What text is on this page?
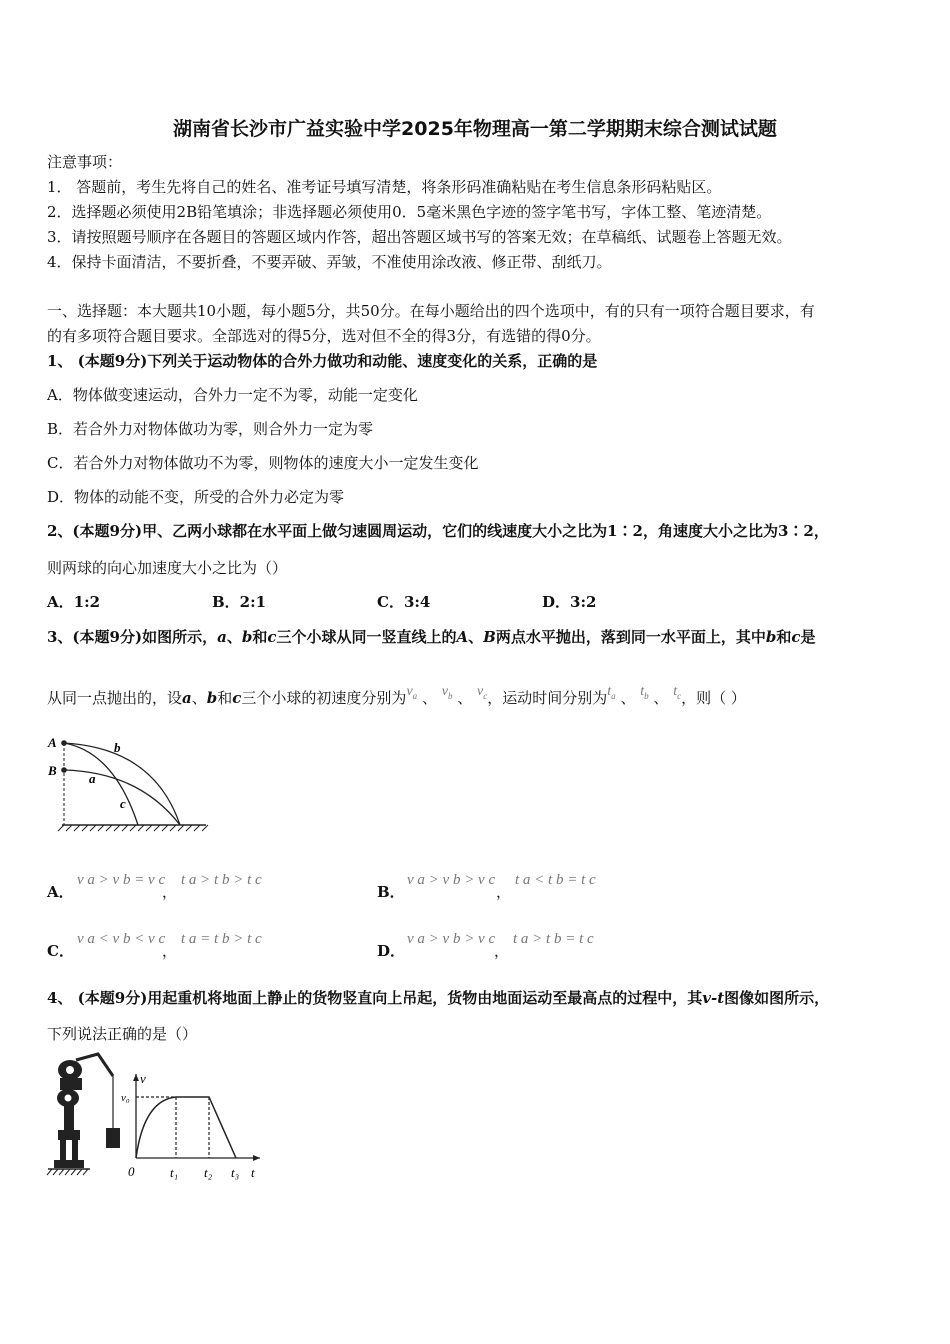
湖南省长沙市广益实验中学2025年物理高一第二学期期末综合测试试题
注意事项：
1． 答题前，考生先将自己的姓名、准考证号填写清楚，将条形码准确粘贴在考生信息条形码粘贴区。
2．选择题必须使用2B铅笔填涂；非选择题必须使用0．5毫米黑色字迹的签字笔书写，字体工整、笔迹清楚。
3．请按照题号顺序在各题目的答题区域内作答，超出答题区域书写的答案无效；在草稿纸、试题卷上答题无效。
4．保持卡面清洁，不要折叠，不要弄破、弄皱，不准使用涂改液、修正带、刮纸刀。
一、选择题：本大题共10小题，每小题5分，共50分。在每小题给出的四个选项中，有的只有一项符合题目要求，有
的有多项符合题目要求。全部选对的得5分，选对但不全的得3分，有选错的得0分。
1、 (本题9分)下列关于运动物体的合外力做功和动能、速度变化的关系，正确的是
A．物体做变速运动，合外力一定不为零，动能一定变化
B．若合外力对物体做功为零，则合外力一定为零
C．若合外力对物体做功不为零，则物体的速度大小一定发生变化
D．物体的动能不变，所受的合外力必定为零
2、(本题9分)甲、乙两小球都在水平面上做匀速圆周运动，它们的线速度大小之比为1∶2，角速度大小之比为3∶2，
则两球的向心加速度大小之比为（）
A．1:2	B．2:1	C．3:4	D．3:2
3、(本题9分)如图所示，a、b和c三个小球从同一竖直线上的A、B两点水平抛出，落到同一水平面上，其中b和c是
从同一点抛出的，设a、b和c三个小球的初速度分别为$v_a$ 、 $v_b$ 、 $v_c$，运动时间分别为$t_a$ 、 $t_b$ 、 $t_c$，则（ ）
A
B
b
a
c
A．
v a > v b = v c
，
t a > t b > t c
B．
v a > v b > v c
，
t a < t b = t c
C．
v a < v b < v c
，
t a = t b > t c
D．
v a > v b > v c
，
t a > t b = t c
4、 (本题9分)用起重机将地面上静止的货物竖直向上吊起，货物由地面运动至最高点的过程中，其v-t图像如图所示，
下列说法正确的是（）
v
v₀
0	t₁ t₂ t₃ t
